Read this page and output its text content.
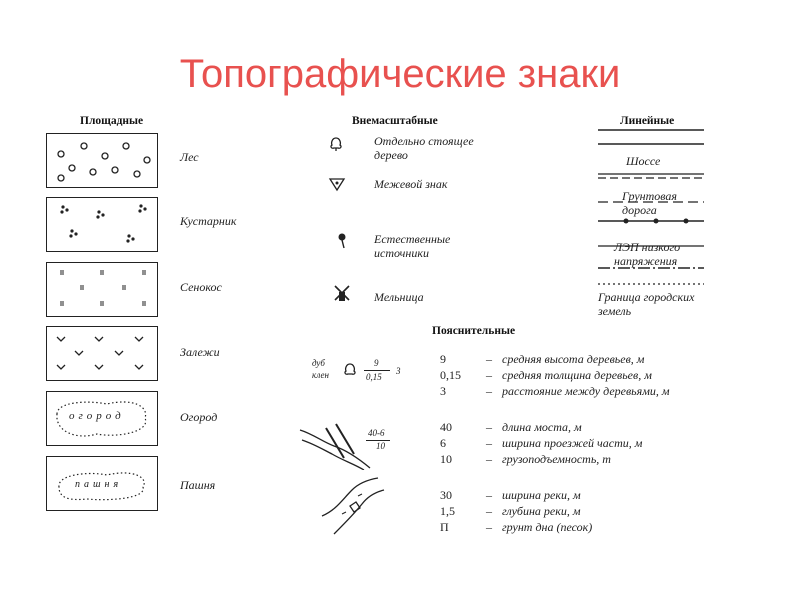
Топографические знаки
Площадные
Лес
Кустарник
Сенокос
Залежи
огород	Огород
пашня	Пашня
Внемасштабные
Отдельно стоящее
дерево
Межевой знак
Естественные
источники
Мельница
Линейные
Шоссе
Грунтовая
дорога
ЛЭП низкого
напряжения
Граница городских
земель
Пояснительные
дуб
клен
9
0,15
3
40-6
10
9	– средняя высота деревьев, м
0,15	– средняя толщина деревьев, м
3	– расстояние между деревьями, м
40	– длина моста, м
6	– ширина проезжей части, м
10	– грузоподъемность, т
30	– ширина реки, м
1,5	– глубина реки, м
П	– грунт дна (песок)
